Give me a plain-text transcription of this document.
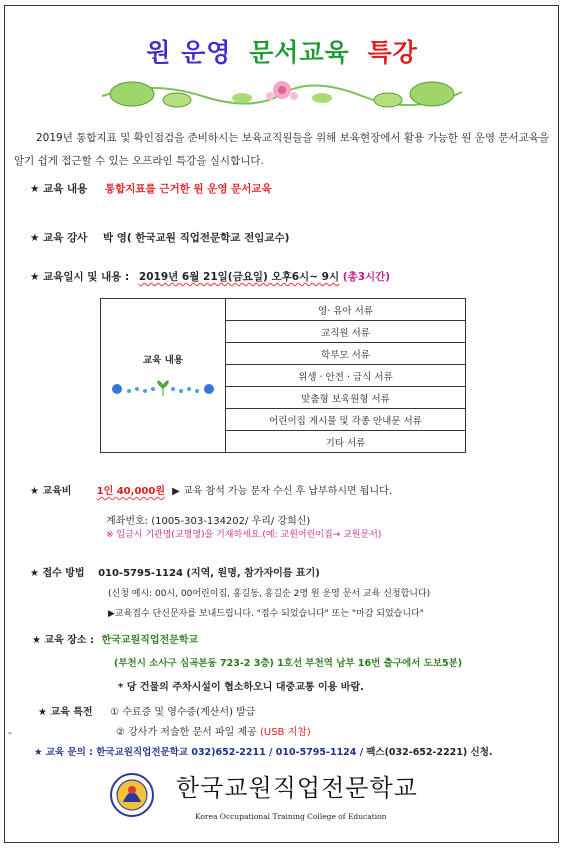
원 운영 문서교육 특강
2019년 통합지표 및 확인점검을 준비하시는 보육교직원들을 위해 보육현장에서 활용 가능한 원 운영 문서교육을 알기 쉽게 접근할 수 있는 오프라인 특강을 실시합니다.
★ 교육 내용 통합지표를 근거한 원 운영 문서교육
★ 교육 강사 박 영( 한국교원 직업전문학교 전임교수)
★ 교육일시 및 내용 : 2019년 6월 21일(금요일) 오후6시~ 9시 (총3시간)
교육 내용
	영· 유아 서류
교직원 서류
학부모 서류
위생 · 안전 · 급식 서류
맞춤형 보육원형 서류
어린이집 게시물 및 각종 안내문 서류
기타 서류
★ 교육비	1인 40,000원 ▶ 교육 참석 가능 문자 수신 후 납부하시면 됩니다.
계좌번호: (1005-303-134202/ 우리/ 강희신)
※ 입금시 기관명(교명명)을 기재하세요.(예: 교원어린이집→ 교원문서)
★ 접수 방법 010-5795-1124 (지역, 원명, 참가자이름 표기)
(신청 예시: 00시, 00어린이집, 홍길동, 홍길순 2명 원 운영 문서 교육 신청합니다)
▶교육접수 단신문자를 보내드립니다. "접수 되었습니다" 또는 "마감 되었습니다"
★ 교육 장소 : 한국교원직업전문학교
(부천시 소사구 심곡본동 723-2 3층) 1호선 부천역 남부 16번 출구에서 도보5분)
* 당 건물의 주차시설이 협소하오니 대중교통 이용 바람.
★ 교육 특전 ① 수료증 및 영수증(계산서) 발급
-	② 강사가 저술한 문서 파일 제공 (USB 지참)
★ 교육 문의 : 한국교원직업전문학교 032)652-2211 / 010-5795-1124 / 팩스(032-652-2221) 신청.
한국교원직업전문학교
Korea Occupational Training College of Education
